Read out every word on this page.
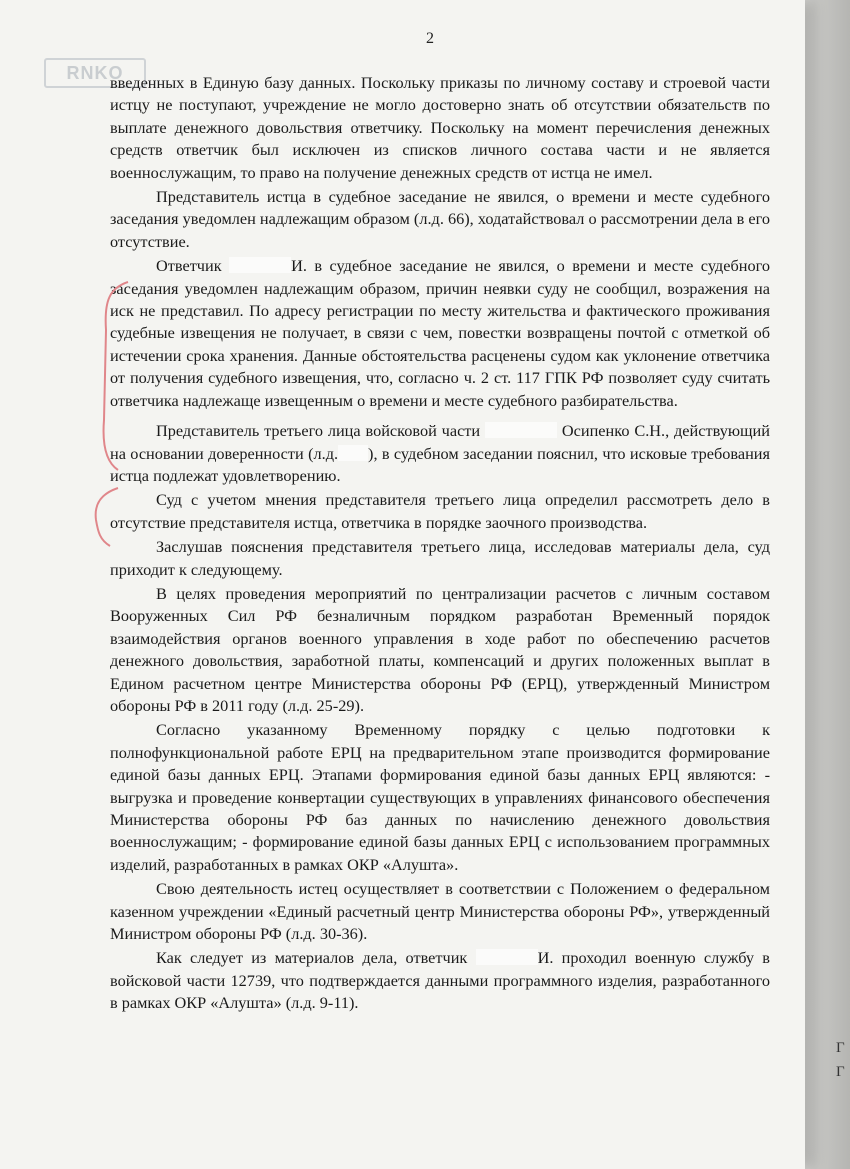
RNKO
2

введенных в Единую базу данных. Поскольку приказы по личному составу и строевой части истцу не поступают, учреждение не могло достоверно знать об отсутствии обязательств по выплате денежного довольствия ответчику. Поскольку на момент перечисления денежных средств ответчик был исключен из списков личного состава части и не является военнослужащим, то право на получение денежных средств от истца не имел.

Представитель истца в судебное заседание не явился, о времени и месте судебного заседания уведомлен надлежащим образом (л.д. 66), ходатайствовал о рассмотрении дела в его отсутствие.

Ответчик	И. в судебное заседание не явился, о времени и месте судебного заседания уведомлен надлежащим образом, причин неявки суду не сообщил, возражения на иск не представил. По адресу регистрации по месту жительства и фактического проживания судебные извещения не получает, в связи с чем, повестки возвращены почтой с отметкой об истечении срока хранения. Данные обстоятельства расценены судом как уклонение ответчика от получения судебного извещения, что, согласно ч. 2 ст. 117 ГПК РФ позволяет суду считать ответчика надлежаще извещенным о времени и месте судебного разбирательства.

Представитель третьего лица войсковой части	Осипенко С.Н., действующий на основании доверенности (л.д. ), в судебном заседании пояснил, что исковые требования истца подлежат удовлетворению.

Суд с учетом мнения представителя третьего лица определил рассмотреть дело в отсутствие представителя истца, ответчика в порядке заочного производства.

Заслушав пояснения представителя третьего лица, исследовав материалы дела, суд приходит к следующему.

В целях проведения мероприятий по централизации расчетов с личным составом Вооруженных Сил РФ безналичным порядком разработан Временный порядок взаимодействия органов военного управления в ходе работ по обеспечению расчетов денежного довольствия, заработной платы, компенсаций и других положенных выплат в Едином расчетном центре Министерства обороны РФ (ЕРЦ), утвержденный Министром обороны РФ в 2011 году (л.д. 25-29).

Согласно указанному Временному порядку с целью подготовки к полнофункциональной работе ЕРЦ на предварительном этапе производится формирование единой базы данных ЕРЦ. Этапами формирования единой базы данных ЕРЦ являются: - выгрузка и проведение конвертации существующих в управлениях финансового обеспечения Министерства обороны РФ баз данных по начислению денежного довольствия военнослужащим; - формирование единой базы данных ЕРЦ с использованием программных изделий, разработанных в рамках ОКР «Алушта».

Свою деятельность истец осуществляет в соответствии с Положением о федеральном казенном учреждении «Единый расчетный центр Министерства обороны РФ», утвержденный Министром обороны РФ (л.д. 30-36).

Как следует из материалов дела, ответчик	И. проходил военную службу в войсковой части 12739, что подтверждается данными программного изделия, разработанного в рамках ОКР «Алушта» (л.д. 9-11).

Г
Г
